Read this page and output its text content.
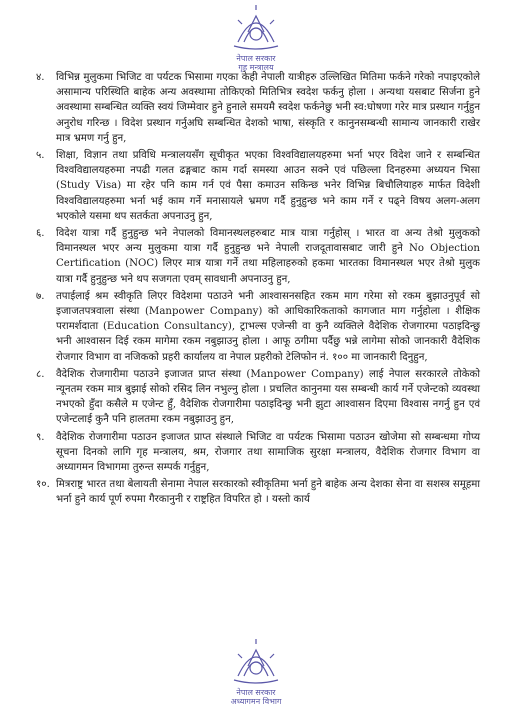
नेपाल सरकार
गृह मन्त्रालय
४.	विभिन्न मुलुकमा भिजिट वा पर्यटक भिसामा गएका केही नेपाली यात्रीहरु उल्लिखित मितिमा फर्कने गरेको नपाइएकोले असामान्य परिस्थिति बाहेक अन्य अवस्थामा तोकिएको मितिभित्र स्वदेश फर्कनु होला । अन्यथा यसबाट सिर्जना हुने अवस्थामा सम्बन्धित व्यक्ति स्वयं जिम्मेवार हुने हुनाले समयमै स्वदेश फर्कनेछु भनी स्व:घोषणा गरेर मात्र प्रस्थान गर्नुहुन अनुरोध गरिन्छ । विदेश प्रस्थान गर्नुअघि सम्बन्धित देशको भाषा, संस्कृति र कानुनसम्बन्धी सामान्य जानकारी राखेर मात्र भ्रमण गर्नु हुन,
५.	शिक्षा, विज्ञान तथा प्रविधि मन्त्रालयसँग सूचीकृत भएका विश्वविद्यालयहरुमा भर्ना भएर विदेश जाने र सम्बन्धित विश्वविद्यालयहरुमा नपढी गलत ढङ्गबाट काम गर्दा समस्या आउन सक्ने एवं पछिल्ला दिनहरुमा अध्ययन भिसा (Study Visa) मा रहेर पनि काम गर्न एवं पैसा कमाउन सकिन्छ भनेर विभिन्न बिचौलियाहरु मार्फत विदेशी विश्वविद्यालयहरुमा भर्ना भई काम गर्ने मनासायले भ्रमण गर्दै हुनुहुन्छ भने काम गर्ने र पढ्ने विषय अलग-अलग भएकोले यसमा थप सतर्कता अपनाउनु हुन,
६.	विदेश यात्रा गर्दै हुनुहुन्छ भने नेपालको विमानस्थलहरुबाट मात्र यात्रा गर्नुहोस् । भारत वा अन्य तेश्रो मुलुकको विमानस्थल भएर अन्य मुलुकमा यात्रा गर्दै हुनुहुन्छ भने नेपाली राजदूतावासबाट जारी हुने No Objection Certification (NOC) लिएर मात्र यात्रा गर्ने तथा महिलाहरुको हकमा भारतका विमानस्थल भएर तेश्रो मुलुक यात्रा गर्दै हुनुहुन्छ भने थप सजगता एवम् सावधानी अपनाउनु हुन,
७.	तपाईलाई श्रम स्वीकृति लिएर विदेशमा पठाउने भनी आश्वासनसहित रकम माग गरेमा सो रकम बुझाउनुपूर्व सो इजाजतपत्रवाला संस्था (Manpower Company) को आधिकारिकताको कागजात माग गर्नुहोला । शैक्षिक परामर्शदाता (Education Consultancy), ट्राभल्स एजेन्सी वा कुनै व्यक्तिले वैदेशिक रोजगारमा पठाइदिन्छु भनी आश्वासन दिई रकम मागेमा रकम नबुझाउनु होला । आफू ठगीमा पर्दैछु भन्ने लागेमा सोको जानकारी वैदेशिक रोजगार विभाग वा नजिकको प्रहरी कार्यालय वा नेपाल प्रहरीको टेलिफोन नं. १०० मा जानकारी दिनुहुन,
८.	वैदेशिक रोजगारीमा पठाउने इजाजत प्राप्त संस्था (Manpower Company) लाई नेपाल सरकारले तोकेको न्यूनतम रकम मात्र बुझाई सोको रसिद लिन नभुल्नु होला । प्रचलित कानुनमा यस सम्बन्धी कार्य गर्ने एजेन्टको व्यवस्था नभएको हुँदा कसैले म एजेन्ट हुँ, वैदेशिक रोजगारीमा पठाइदिन्छु भनी झुटा आश्वासन दिएमा विश्वास नगर्नु हुन एवं एजेन्टलाई कुनै पनि हालतमा रकम नबुझाउनु हुन,
९.	वैदेशिक रोजगारीमा पठाउन इजाजत प्राप्त संस्थाले भिजिट वा पर्यटक भिसामा पठाउन खोजेमा सो सम्बन्धमा गोप्य सूचना दिनको लागि गृह मन्त्रालय, श्रम, रोजगार तथा सामाजिक सुरक्षा मन्त्रालय, वैदेशिक रोजगार विभाग वा अध्यागमन विभागमा तुरुन्त सम्पर्क गर्नुहुन,
१०. मित्रराष्ट्र भारत तथा बेलायती सेनामा नेपाल सरकारको स्वीकृतिमा भर्ना हुने बाहेक अन्य देशका सेना वा सशस्त्र समूहमा भर्ना हुने कार्य पूर्ण रुपमा गैरकानुनी र राष्ट्रहित विपरित हो । यस्तो कार्य
नेपाल सरकार
अध्यागमन विभाग
